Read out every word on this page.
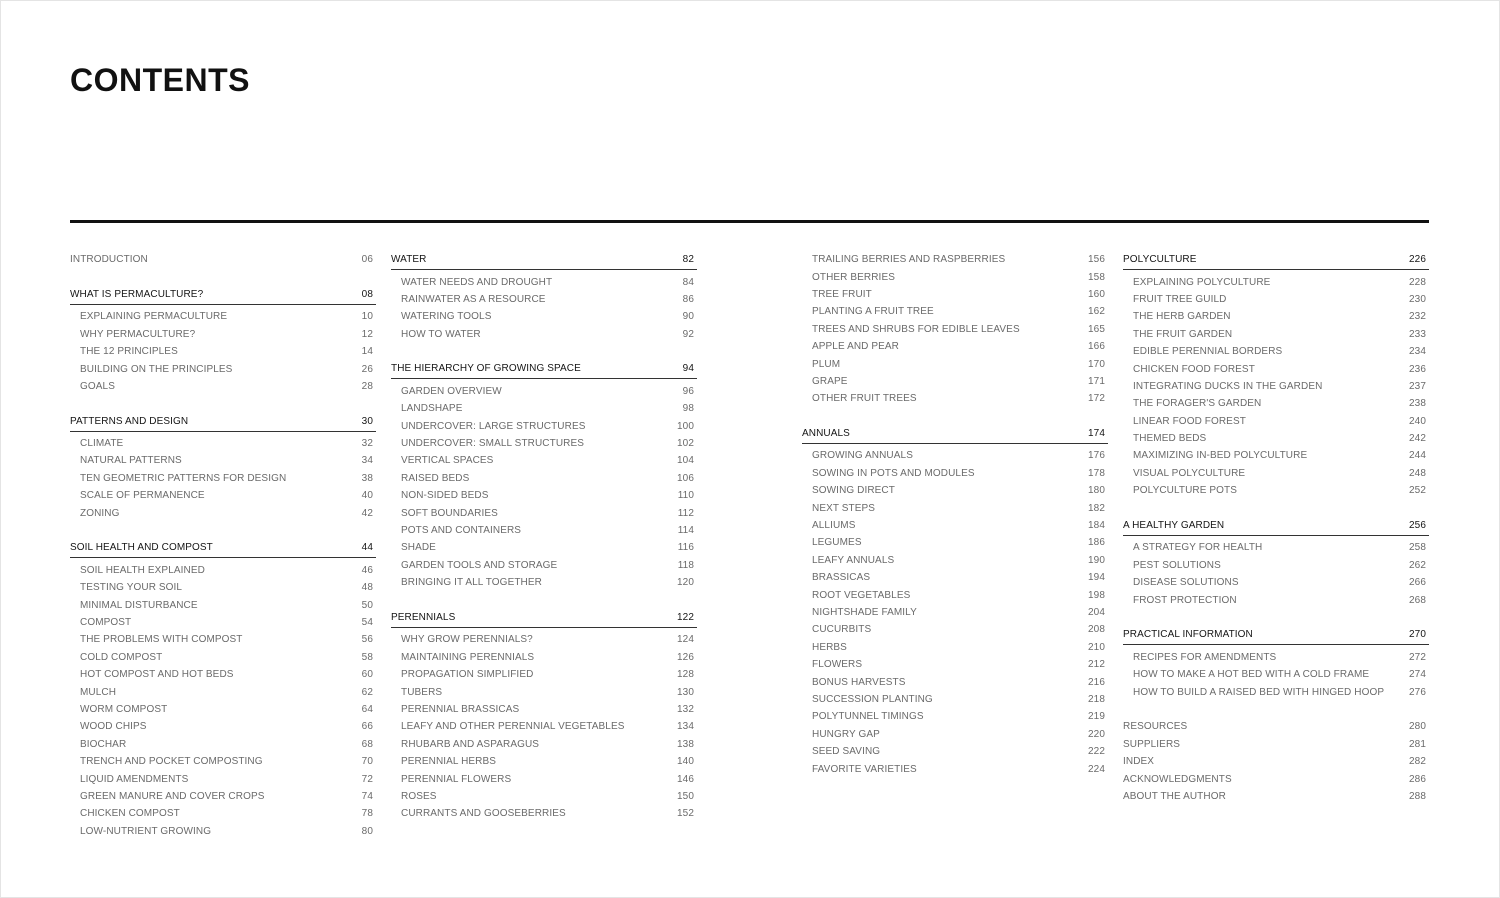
CONTENTS
INTRODUCTION	06
WHAT IS PERMACULTURE?	08
EXPLAINING PERMACULTURE	10
WHY PERMACULTURE?	12
THE 12 PRINCIPLES	14
BUILDING ON THE PRINCIPLES	26
GOALS	28
PATTERNS AND DESIGN	30
CLIMATE	32
NATURAL PATTERNS	34
TEN GEOMETRIC PATTERNS FOR DESIGN	38
SCALE OF PERMANENCE	40
ZONING	42
SOIL HEALTH AND COMPOST	44
SOIL HEALTH EXPLAINED	46
TESTING YOUR SOIL	48
MINIMAL DISTURBANCE	50
COMPOST	54
THE PROBLEMS WITH COMPOST	56
COLD COMPOST	58
HOT COMPOST AND HOT BEDS	60
MULCH	62
WORM COMPOST	64
WOOD CHIPS	66
BIOCHAR	68
TRENCH AND POCKET COMPOSTING	70
LIQUID AMENDMENTS	72
GREEN MANURE AND COVER CROPS	74
CHICKEN COMPOST	78
LOW-NUTRIENT GROWING	80
WATER	82
WATER NEEDS AND DROUGHT	84
RAINWATER AS A RESOURCE	86
WATERING TOOLS	90
HOW TO WATER	92
THE HIERARCHY OF GROWING SPACE	94
GARDEN OVERVIEW	96
LANDSHAPE	98
UNDERCOVER: LARGE STRUCTURES	100
UNDERCOVER: SMALL STRUCTURES	102
VERTICAL SPACES	104
RAISED BEDS	106
NON-SIDED BEDS	110
SOFT BOUNDARIES	112
POTS AND CONTAINERS	114
SHADE	116
GARDEN TOOLS AND STORAGE	118
BRINGING IT ALL TOGETHER	120
PERENNIALS	122
WHY GROW PERENNIALS?	124
MAINTAINING PERENNIALS	126
PROPAGATION SIMPLIFIED	128
TUBERS	130
PERENNIAL BRASSICAS	132
LEAFY AND OTHER PERENNIAL VEGETABLES	134
RHUBARB AND ASPARAGUS	138
PERENNIAL HERBS	140
PERENNIAL FLOWERS	146
ROSES	150
CURRANTS AND GOOSEBERRIES	152
TRAILING BERRIES AND RASPBERRIES	156
OTHER BERRIES	158
TREE FRUIT	160
PLANTING A FRUIT TREE	162
TREES AND SHRUBS FOR EDIBLE LEAVES	165
APPLE AND PEAR	166
PLUM	170
GRAPE	171
OTHER FRUIT TREES	172
ANNUALS	174
GROWING ANNUALS	176
SOWING IN POTS AND MODULES	178
SOWING DIRECT	180
NEXT STEPS	182
ALLIUMS	184
LEGUMES	186
LEAFY ANNUALS	190
BRASSICAS	194
ROOT VEGETABLES	198
NIGHTSHADE FAMILY	204
CUCURBITS	208
HERBS	210
FLOWERS	212
BONUS HARVESTS	216
SUCCESSION PLANTING	218
POLYTUNNEL TIMINGS	219
HUNGRY GAP	220
SEED SAVING	222
FAVORITE VARIETIES	224
POLYCULTURE	226
EXPLAINING POLYCULTURE	228
FRUIT TREE GUILD	230
THE HERB GARDEN	232
THE FRUIT GARDEN	233
EDIBLE PERENNIAL BORDERS	234
CHICKEN FOOD FOREST	236
INTEGRATING DUCKS IN THE GARDEN	237
THE FORAGER'S GARDEN	238
LINEAR FOOD FOREST	240
THEMED BEDS	242
MAXIMIZING IN-BED POLYCULTURE	244
VISUAL POLYCULTURE	248
POLYCULTURE POTS	252
A HEALTHY GARDEN	256
A STRATEGY FOR HEALTH	258
PEST SOLUTIONS	262
DISEASE SOLUTIONS	266
FROST PROTECTION	268
PRACTICAL INFORMATION	270
RECIPES FOR AMENDMENTS	272
HOW TO MAKE A HOT BED WITH A COLD FRAME	274
HOW TO BUILD A RAISED BED WITH HINGED HOOP 276
RESOURCES	280
SUPPLIERS	281
INDEX	282
ACKNOWLEDGMENTS	286
ABOUT THE AUTHOR	288
